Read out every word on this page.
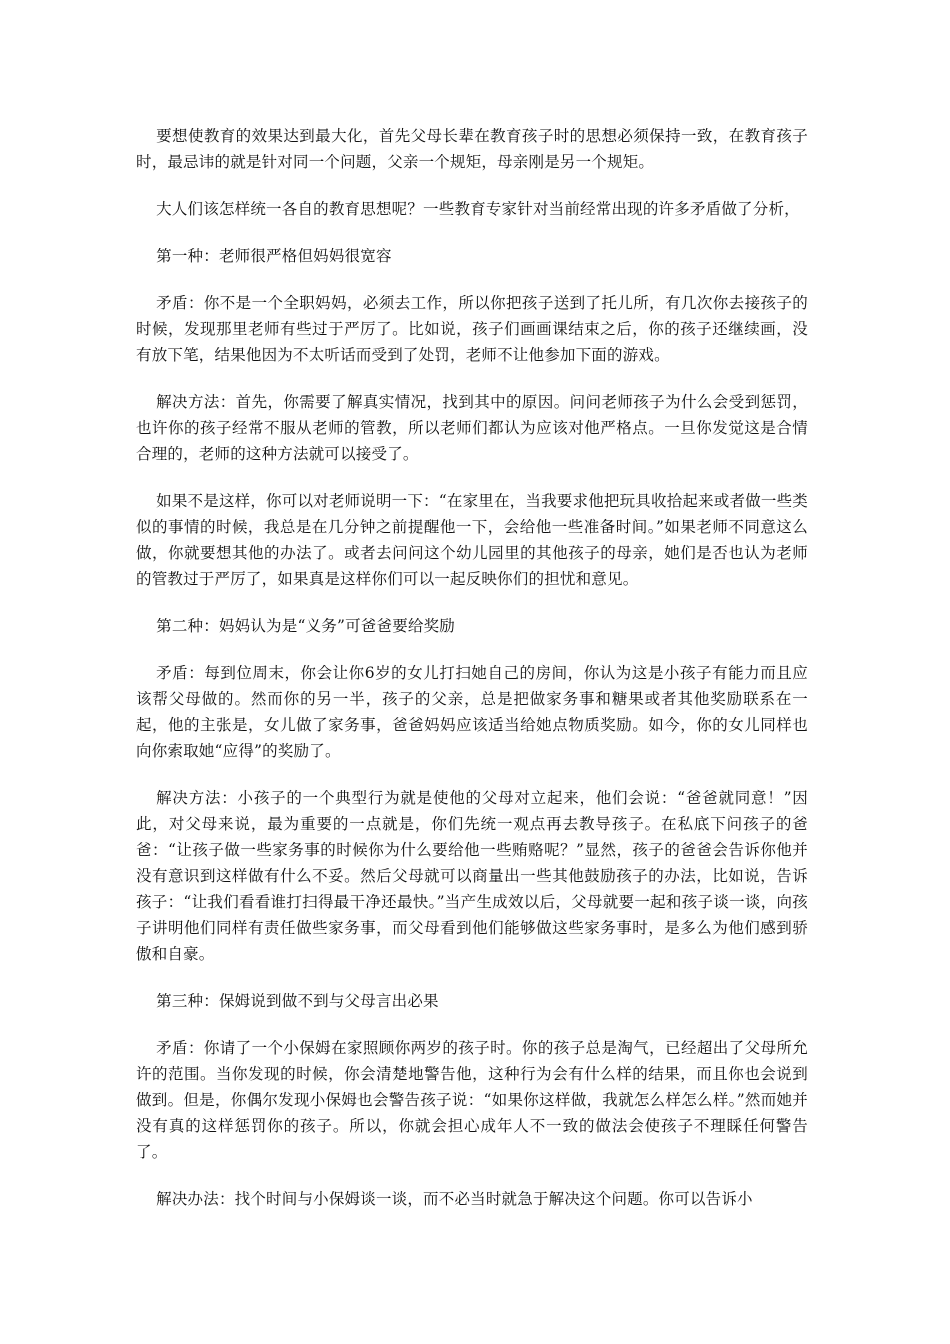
要想使教育的效果达到最大化，首先父母长辈在教育孩子时的思想必须保持一致，在教育孩子时，最忌讳的就是针对同一个问题，父亲一个规矩，母亲刚是另一个规矩。

大人们该怎样统一各自的教育思想呢？一些教育专家针对当前经常出现的许多矛盾做了分析，

第一种：老师很严格但妈妈很宽容

矛盾：你不是一个全职妈妈，必须去工作，所以你把孩子送到了托儿所，有几次你去接孩子的时候，发现那里老师有些过于严厉了。比如说，孩子们画画课结束之后，你的孩子还继续画，没有放下笔，结果他因为不太听话而受到了处罚，老师不让他参加下面的游戏。

解决方法：首先，你需要了解真实情况，找到其中的原因。问问老师孩子为什么会受到惩罚，也许你的孩子经常不服从老师的管教，所以老师们都认为应该对他严格点。一旦你发觉这是合情合理的，老师的这种方法就可以接受了。

如果不是这样，你可以对老师说明一下：“在家里在，当我要求他把玩具收拾起来或者做一些类似的事情的时候，我总是在几分钟之前提醒他一下，会给他一些准备时间。”如果老师不同意这么做，你就要想其他的办法了。或者去问问这个幼儿园里的其他孩子的母亲，她们是否也认为老师的管教过于严厉了，如果真是这样你们可以一起反映你们的担忧和意见。

第二种：妈妈认为是“义务”可爸爸要给奖励

矛盾：每到位周末，你会让你6岁的女儿打扫她自己的房间，你认为这是小孩子有能力而且应该帮父母做的。然而你的另一半，孩子的父亲，总是把做家务事和糖果或者其他奖励联系在一起，他的主张是，女儿做了家务事，爸爸妈妈应该适当给她点物质奖励。如今，你的女儿同样也向你索取她“应得”的奖励了。

解决方法：小孩子的一个典型行为就是使他的父母对立起来，他们会说：“爸爸就同意！”因此，对父母来说，最为重要的一点就是，你们先统一观点再去教导孩子。在私底下问孩子的爸爸：“让孩子做一些家务事的时候你为什么要给他一些贿赂呢？”显然，孩子的爸爸会告诉你他并没有意识到这样做有什么不妥。然后父母就可以商量出一些其他鼓励孩子的办法，比如说，告诉孩子：“让我们看看谁打扫得最干净还最快。”当产生成效以后，父母就要一起和孩子谈一谈，向孩子讲明他们同样有责任做些家务事，而父母看到他们能够做这些家务事时，是多么为他们感到骄傲和自豪。

第三种：保姆说到做不到与父母言出必果

矛盾：你请了一个小保姆在家照顾你两岁的孩子时。你的孩子总是淘气，已经超出了父母所允许的范围。当你发现的时候，你会清楚地警告他，这种行为会有什么样的结果，而且你也会说到做到。但是，你偶尔发现小保姆也会警告孩子说：“如果你这样做，我就怎么样怎么样。”然而她并没有真的这样惩罚你的孩子。所以，你就会担心成年人不一致的做法会使孩子不理睬任何警告了。

解决办法：找个时间与小保姆谈一谈，而不必当时就急于解决这个问题。你可以告诉小
